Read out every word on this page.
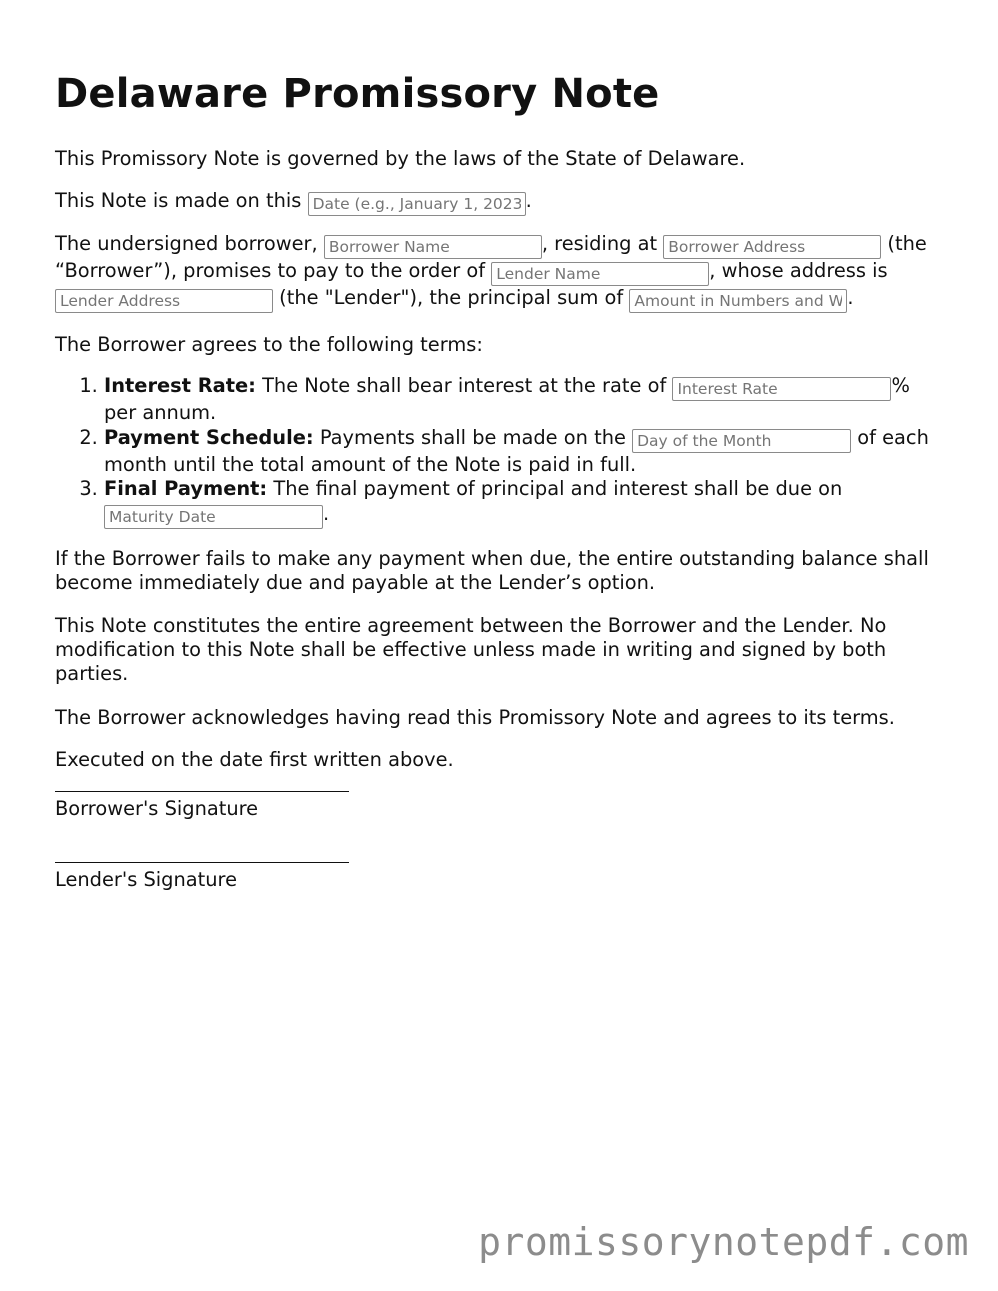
Delaware Promissory Note

This Promissory Note is governed by the laws of the State of Delaware.

This Note is made on this Date (e.g., January 1, 2023)	.

The undersigned borrower, Borrower Name	, residing at Borrower Address	(the “Borrower”), promises to pay to the order of Lender Name	, whose address is Lender Address (the "Lender"), the principal sum of Amount in Numbers and Words	.

The Borrower agrees to the following terms:

1. Interest Rate: The Note shall bear interest at the rate of Interest Rate	% per annum.
2. Payment Schedule: Payments shall be made on the Day of the Month	of each month until the total amount of the Note is paid in full.
3. Final Payment: The final payment of principal and interest shall be due on Maturity Date.

If the Borrower fails to make any payment when due, the entire outstanding balance shall become immediately due and payable at the Lender’s option.

This Note constitutes the entire agreement between the Borrower and the Lender. No modification to this Note shall be effective unless made in writing and signed by both parties.

The Borrower acknowledges having read this Promissory Note and agrees to its terms.

Executed on the date first written above.

Borrower's Signature
Lender's Signature
promissorynotepdf.com
